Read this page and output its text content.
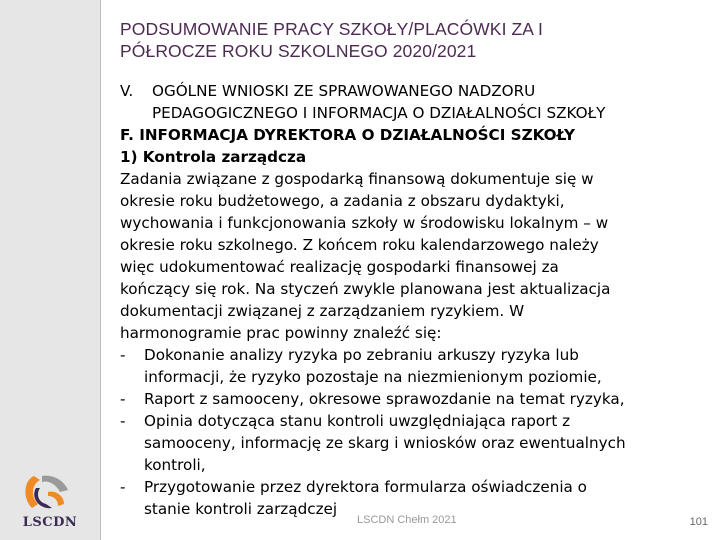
PODSUMOWANIE PRACY SZKOŁY/PLACÓWKI ZA I
PÓŁROCZE ROKU SZKOLNEGO 2020/2021
V.	OGÓLNE WNIOSKI ZE SPRAWOWANEGO NADZORU
PEDAGOGICZNEGO I INFORMACJA O DZIAŁALNOŚCI SZKOŁY
F. INFORMACJA DYREKTORA O DZIAŁALNOŚCI SZKOŁY
1) Kontrola zarządcza
Zadania związane z gospodarką finansową dokumentuje się w
okresie roku budżetowego, a zadania z obszaru dydaktyki,
wychowania i funkcjonowania szkoły w środowisku lokalnym – w
okresie roku szkolnego. Z końcem roku kalendarzowego należy
więc udokumentować realizację gospodarki finansowej za
kończący się rok. Na styczeń zwykle planowana jest aktualizacja
dokumentacji związanej z zarządzaniem ryzykiem. W
harmonogramie prac powinny znaleźć się:
-	Dokonanie analizy ryzyka po zebraniu arkuszy ryzyka lub
informacji, że ryzyko pozostaje na niezmienionym poziomie,
-	Raport z samooceny, okresowe sprawozdanie na temat ryzyka,
-	Opinia dotycząca stanu kontroli uwzględniająca raport z
samooceny, informację ze skarg i wniosków oraz ewentualnych
kontroli,
-	Przygotowanie przez dyrektora formularza oświadczenia o
stanie kontroli zarządczej
LSCDN	LSCDN Chełm 2021	101
